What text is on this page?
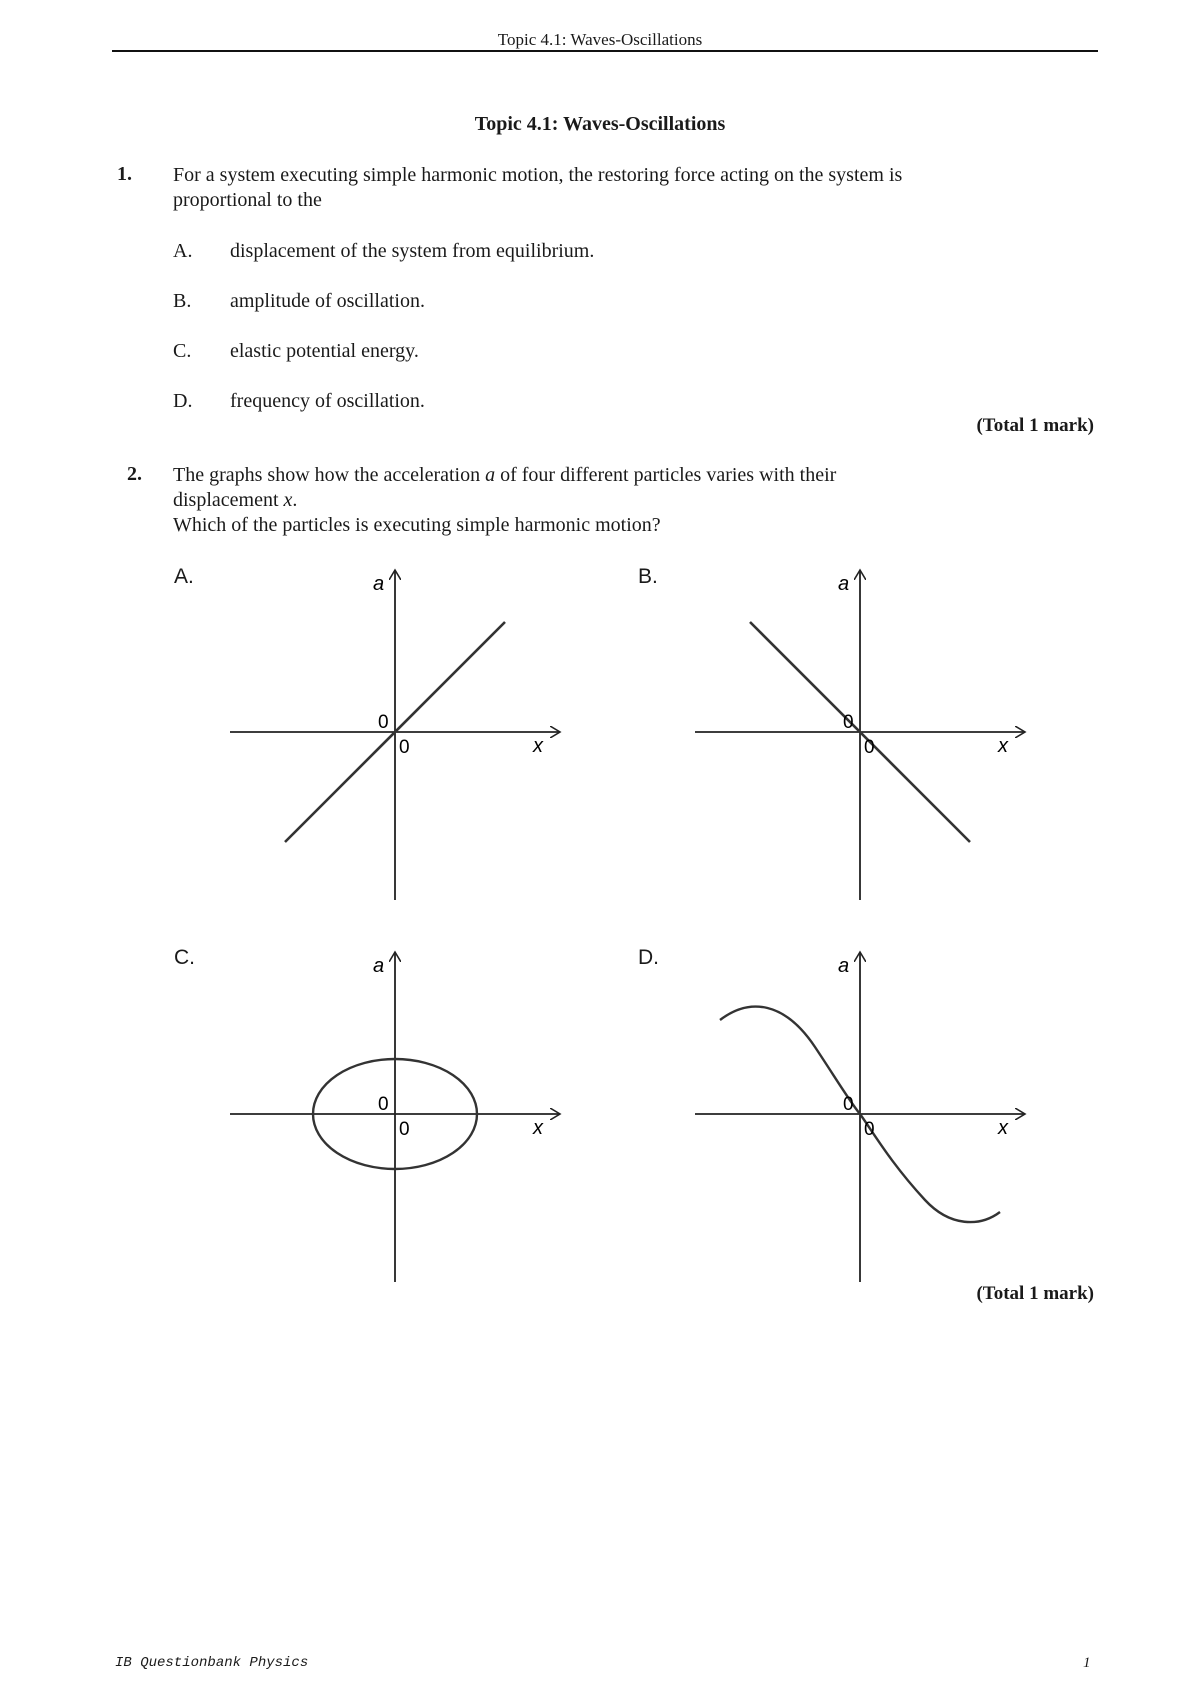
Topic 4.1: Waves-Oscillations
Topic 4.1: Waves-Oscillations
1. For a system executing simple harmonic motion, the restoring force acting on the system is
proportional to the
A. displacement of the system from equilibrium.
B. amplitude of oscillation.
C. elastic potential energy.
D. frequency of oscillation.
(Total 1 mark)
2. The graphs show how the acceleration a of four different particles varies with their
displacement x.
Which of the particles is executing simple harmonic motion?
A.	B.
C.	D.
a
x
0
0
a
x
0
0
a
x
0
0
a
x
0
0
(Total 1 mark)
IB Questionbank Physics	1
